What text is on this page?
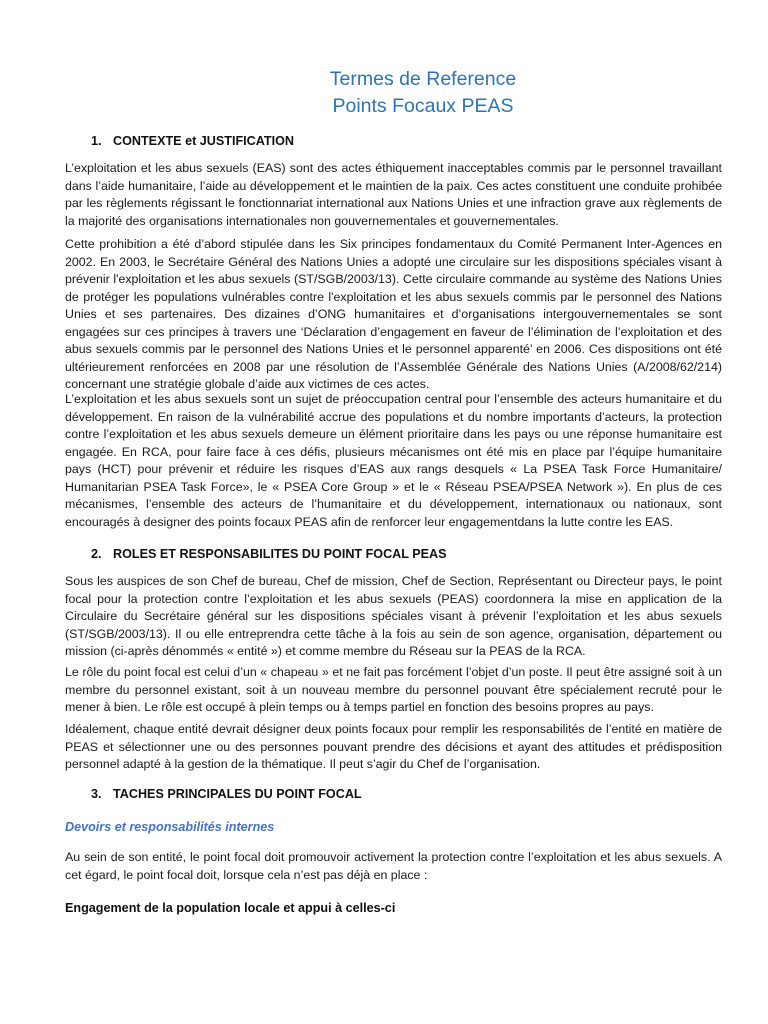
Termes de Reference
Points Focaux PEAS
1. CONTEXTE et JUSTIFICATION

L’exploitation et les abus sexuels (EAS) sont des actes éthiquement inacceptables commis par le personnel travaillant dans l’aide humanitaire, l’aide au développement et le maintien de la paix. Ces actes constituent une conduite prohibée par les règlements régissant le fonctionnariat international aux Nations Unies et une infraction grave aux règlements de la majorité des organisations internationales non gouvernementales et gouvernementales.

Cette prohibition a été d’abord stipulée dans les Six principes fondamentaux du Comité Permanent Inter-Agences en 2002. En 2003, le Secrétaire Général des Nations Unies a adopté une circulaire sur les dispositions spéciales visant à prévenir l'exploitation et les abus sexuels (ST/SGB/2003/13). Cette circulaire commande au système des Nations Unies de protéger les populations vulnérables contre l'exploitation et les abus sexuels commis par le personnel des Nations Unies et ses partenaires. Des dizaines d’ONG humanitaires et d’organisations intergouvernementales se sont engagées sur ces principes à travers une ‘Déclaration d’engagement en faveur de l’élimination de l’exploitation et des abus sexuels commis par le personnel des Nations Unies et le personnel apparenté’ en 2006. Ces dispositions ont été ultérieurement renforcées en 2008 par une résolution de l’Assemblée Générale des Nations Unies (A/2008/62/214) concernant une stratégie globale d’aide aux victimes de ces actes.

L’exploitation et les abus sexuels sont un sujet de préoccupation central pour l’ensemble des acteurs humanitaire et du développement. En raison de la vulnérabilité accrue des populations et du nombre importants d’acteurs, la protection contre l’exploitation et les abus sexuels demeure un élément prioritaire dans les pays ou une réponse humanitaire est engagée. En RCA, pour faire face à ces défis, plusieurs mécanismes ont été mis en place par l’équipe humanitaire pays (HCT) pour prévenir et réduire les risques d’EAS aux rangs desquels « La PSEA Task Force Humanitaire/ Humanitarian PSEA Task Force», le « PSEA Core Group » et le « Réseau PSEA/PSEA Network »). En plus de ces mécanismes, l’ensemble des acteurs de l’humanitaire et du développement, internationaux ou nationaux, sont encouragés à designer des points focaux PEAS afin de renforcer leur engagementdans la lutte contre les EAS.

2. ROLES ET RESPONSABILITES DU POINT FOCAL PEAS

Sous les auspices de son Chef de bureau, Chef de mission, Chef de Section, Représentant ou Directeur pays, le point focal pour la protection contre l’exploitation et les abus sexuels (PEAS) coordonnera la mise en application de la Circulaire du Secrétaire général sur les dispositions spéciales visant à prévenir l’exploitation et les abus sexuels (ST/SGB/2003/13). Il ou elle entreprendra cette tâche à la fois au sein de son agence, organisation, département ou mission (ci-après dénommés « entité ») et comme membre du Réseau sur la PEAS de la RCA.

Le rôle du point focal est celui d’un « chapeau » et ne fait pas forcément l’objet d’un poste. Il peut être assigné soit à un membre du personnel existant, soit à un nouveau membre du personnel pouvant être spécialement recruté pour le mener à bien. Le rôle est occupé à plein temps ou à temps partiel en fonction des besoins propres au pays.

Idéalement, chaque entité devrait désigner deux points focaux pour remplir les responsabilités de l’entité en matière de PEAS et sélectionner une ou des personnes pouvant prendre des décisions et ayant des attitudes et prédisposition personnel adapté à la gestion de la thématique. Il peut s’agir du Chef de l’organisation.

3. TACHES PRINCIPALES DU POINT FOCAL
Devoirs et responsabilités internes

Au sein de son entité, le point focal doit promouvoir activement la protection contre l’exploitation et les abus sexuels. A cet égard, le point focal doit, lorsque cela n’est pas déjà en place :

Engagement de la population locale et appui à celles-ci
